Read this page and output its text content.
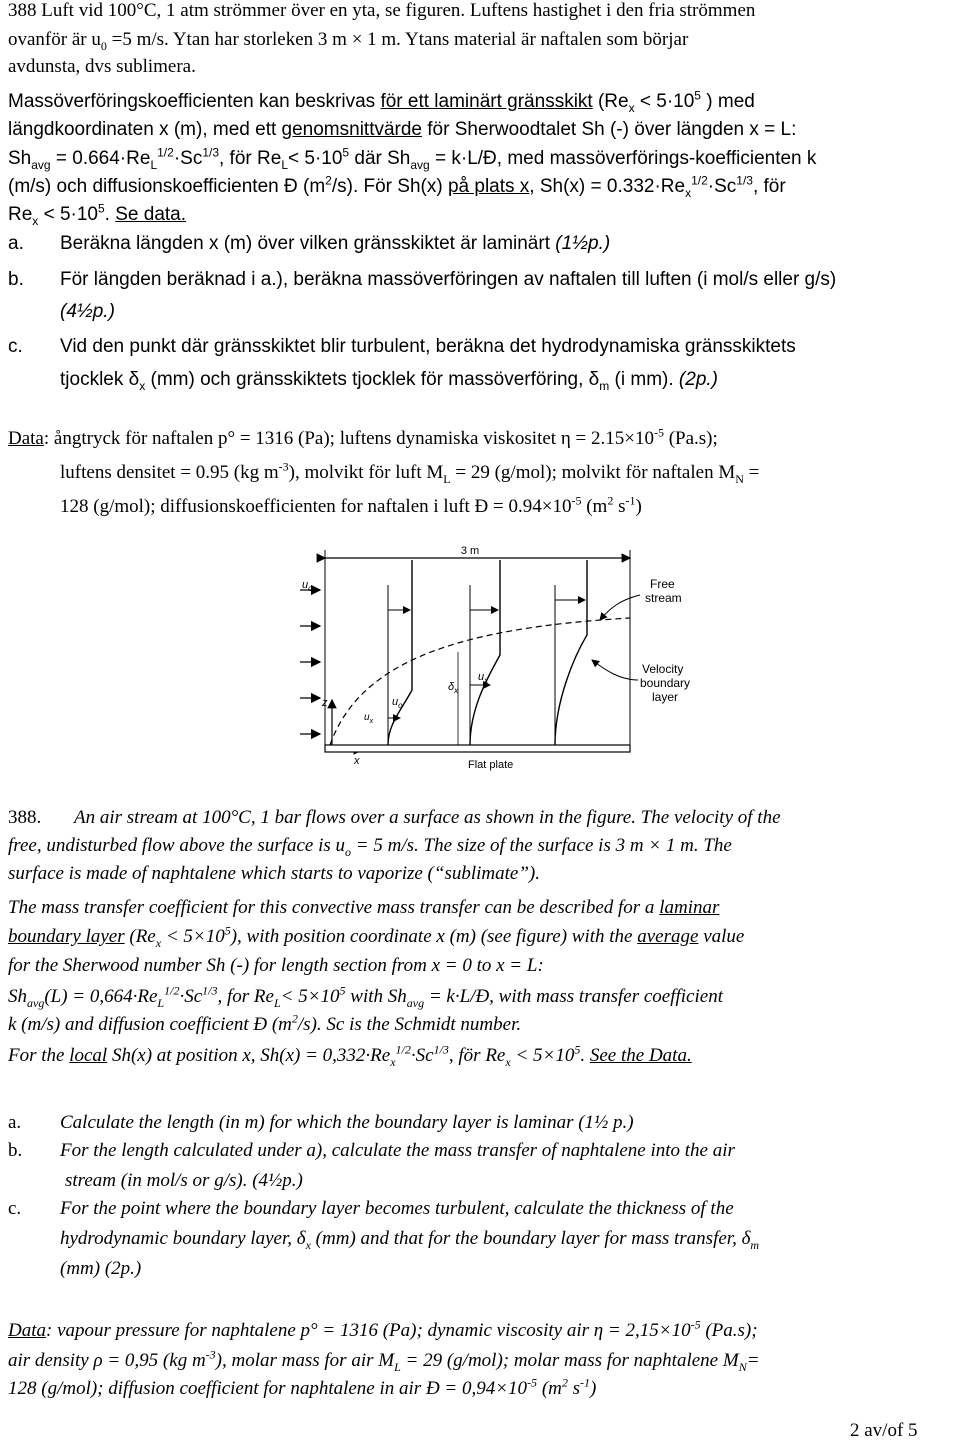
388 Luft vid 100°C, 1 atm strömmer över en yta, se figuren. Luftens hastighet i den fria strömmen
ovanför är $u_0 =5$ m/s. Ytan har storleken 3 m × 1 m. Ytans material är naftalen som börjar
avdunsta, dvs sublimera.
Massöverföringskoefficienten kan beskrivas för ett laminärt gränsskikt ($Re_x < 5\cdot 10^5$ ) med
längdkoordinaten x (m), med ett genomsnittvärde för Sherwoodtalet Sh (-) över längden x = L:
$Sh_{avg} = 0.664\cdot Re_L^{1/2}\cdot Sc^{1/3}$, för $Re_L< 5\cdot 10^5$ där $Sh_{avg}$ = k·L/Đ, med massöverförings-koefficienten k
(m/s) och diffusionskoefficienten Đ $(m^2/s)$. För Sh(x) på plats x, $Sh(x) = 0.332\cdot Re_x^{1/2}\cdot Sc^{1/3}$, för
$Re_x < 5\cdot 10^5$. Se data.
a. Beräkna längden x (m) över vilken gränsskiktet är laminärt (1½p.)
b. För längden beräknad i a.), beräkna massöverföringen av naftalen till luften (i mol/s eller g/s)
(4½p.)
c. Vid den punkt där gränsskiktet blir turbulent, beräkna det hydrodynamiska gränsskiktets
tjocklek $\delta_x$ (mm) och gränsskiktets tjocklek för massöverföring, $\delta_m$ (i mm). (2p.)
Data: ångtryck för naftalen p° = 1316 (Pa); luftens dynamiska viskositet $\eta = 2.15\times 10^{-5}$ (Pa.s);
luftens densitet = 0.95 (kg $m^{-3}$), molvikt för luft $M_L = 29$ (g/mol); molvikt för naftalen $M_N$ =
128 (g/mol); diffusionskoefficienten for naftalen i luft Đ = $0.94\times 10^{-5}$ ($m^2$ $s^{-1}$)
3 m
$u_o$
$u_o$
$u_x$
$u_x$
$\delta_x$
z
x	Flat plate
Free
stream
Velocity
boundary
layer
388. An air stream at 100°C, 1 bar flows over a surface as shown in the figure. The velocity of the
free, undisturbed flow above the surface is $u_o = 5$ m/s. The size of the surface is 3 m × 1 m. The
surface is made of naphtalene which starts to vaporize (“sublimate”).
The mass transfer coefficient for this convective mass transfer can be described for a laminar
boundary layer $(Re_x < 5\times 10^5)$, with position coordinate x (m) (see figure) with the average value
for the Sherwood number Sh (-) for length section from x = 0 to x = L:
$Sh_{avg}(L) = 0,664\cdot Re_L^{1/2}\cdot Sc^{1/3}$, for $Re_L< 5\times 10^5$ with $Sh_{avg}$ = k·L/Đ, with mass transfer coefficient
k (m/s) and diffusion coefficient Đ $(m^2/s)$. Sc is the Schmidt number.
For the local Sh(x) at position x, $Sh(x) = 0,332\cdot Re_x^{1/2}\cdot Sc^{1/3}$, för $Re_x < 5\times 10^5$. See the Data.
a. Calculate the length (in m) for which the boundary layer is laminar (1½ p.)
b. For the length calculated under a), calculate the mass transfer of naphtalene into the air
stream (in mol/s or g/s). (4½p.)
c. For the point where the boundary layer becomes turbulent, calculate the thickness of the
hydrodynamic boundary layer, $\delta_x$ (mm) and that for the boundary layer for mass transfer, $\delta_m$
(mm) (2p.)
Data: vapour pressure for naphtalene p° = 1316 (Pa); dynamic viscosity air $\eta = 2,15\times 10^{-5}$ (Pa.s);
air density ρ = 0,95 (kg $m^{-3}$), molar mass for air $M_L = 29$ (g/mol); molar mass for naphtalene $M_N=$
128 (g/mol); diffusion coefficient for naphtalene in air Đ = $0,94\times 10^{-5}$ ($m^2$ $s^{-1}$)
2 av/of 5
